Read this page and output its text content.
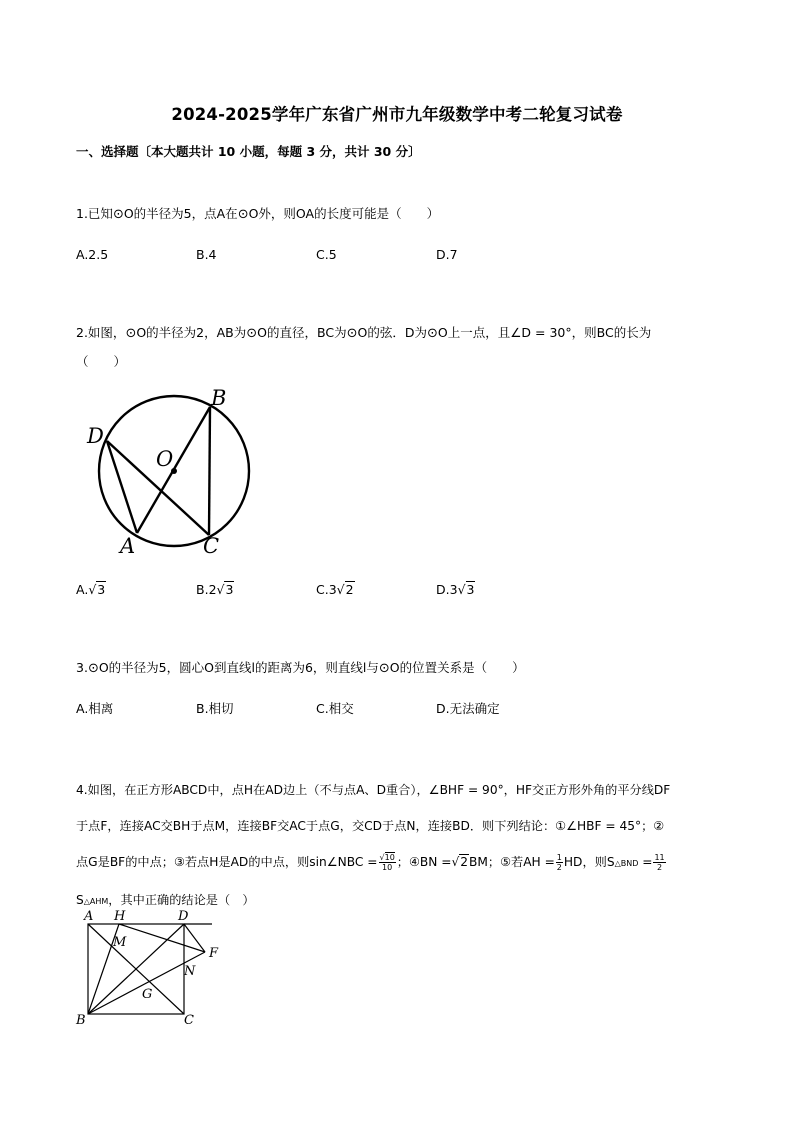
2024-2025学年广东省广州市九年级数学中考二轮复习试卷
一、选择题〔本大题共计 10 小题，每题 3 分，共计 30 分〕
1.已知⊙O的半径为5，点A在⊙O外，则OA的长度可能是（　　）
A.2.5	B.4	C.5	D.7
2.如图，⊙O的半径为2，AB为⊙O的直径，BC为⊙O的弦．D为⊙O上一点，且∠D = 30°，则BC的长为
（　　）
B
D
O
A	C
A.√3	B.2√3	C.3√2	D.3√3
3.⊙O的半径为5，圆心O到直线l的距离为6，则直线l与⊙O的位置关系是（　　）
A.相离	B.相切	C.相交	D.无法确定
4.如图，在正方形ABCD中，点H在AD边上（不与点A、D重合），∠BHF = 90°，HF交正方形外角的平分线DF
于点F，连接AC交BH于点M，连接BF交AC于点G，交CD于点N，连接BD．则下列结论：①∠HBF = 45°；②
点G是BF的中点；③若点H是AD的中点，则sin∠NBC = $\frac{√10}{10}$ ；④BN =√2BM；⑤若AH = $\frac{1}{2}$ HD，则S△BND = $\frac{11}{2}$
S△AHM，其中正确的结论是（　）
A H	D
M
F
N
G
B	C
